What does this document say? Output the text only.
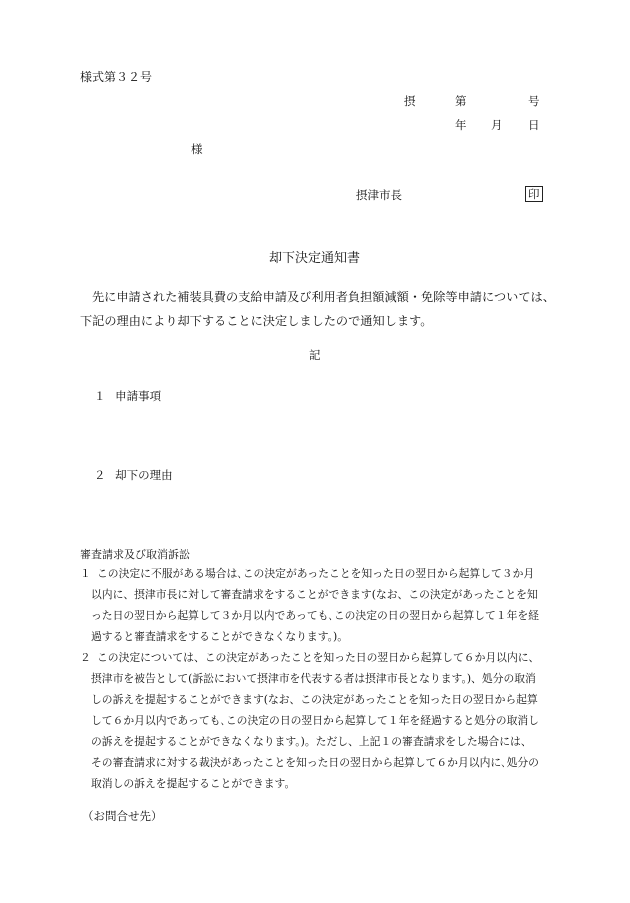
様式第３２号
摂	第	号
年 月 日
様
摂津市長	印
却下決定通知書

先に申請された補装具費の支給申請及び利用者負担額減額・免除等申請については、

下記の理由により却下することに決定しましたので通知します。

記
１ 申請事項
２ 却下の理由
審査請求及び取消訴訟

１ この決定に不服がある場合は､この決定があったことを知った日の翌日から起算して３か月

以内に、摂津市長に対して審査請求をすることができます(なお、この決定があったことを知

った日の翌日から起算して３か月以内であっても､この決定の日の翌日から起算して１年を経

過すると審査請求をすることができなくなります。)。

２ この決定については、この決定があったことを知った日の翌日から起算して６か月以内に、

摂津市を被告として(訴訟において摂津市を代表する者は摂津市長となります。)、処分の取消

しの訴えを提起することができます(なお、この決定があったことを知った日の翌日から起算

して６か月以内であっても､この決定の日の翌日から起算して１年を経過すると処分の取消し

の訴えを提起することができなくなります。)。ただし、上記１の審査請求をした場合には、

その審査請求に対する裁決があったことを知った日の翌日から起算して６か月以内に､処分の

取消しの訴えを提起することができます。

（お問合せ先）
